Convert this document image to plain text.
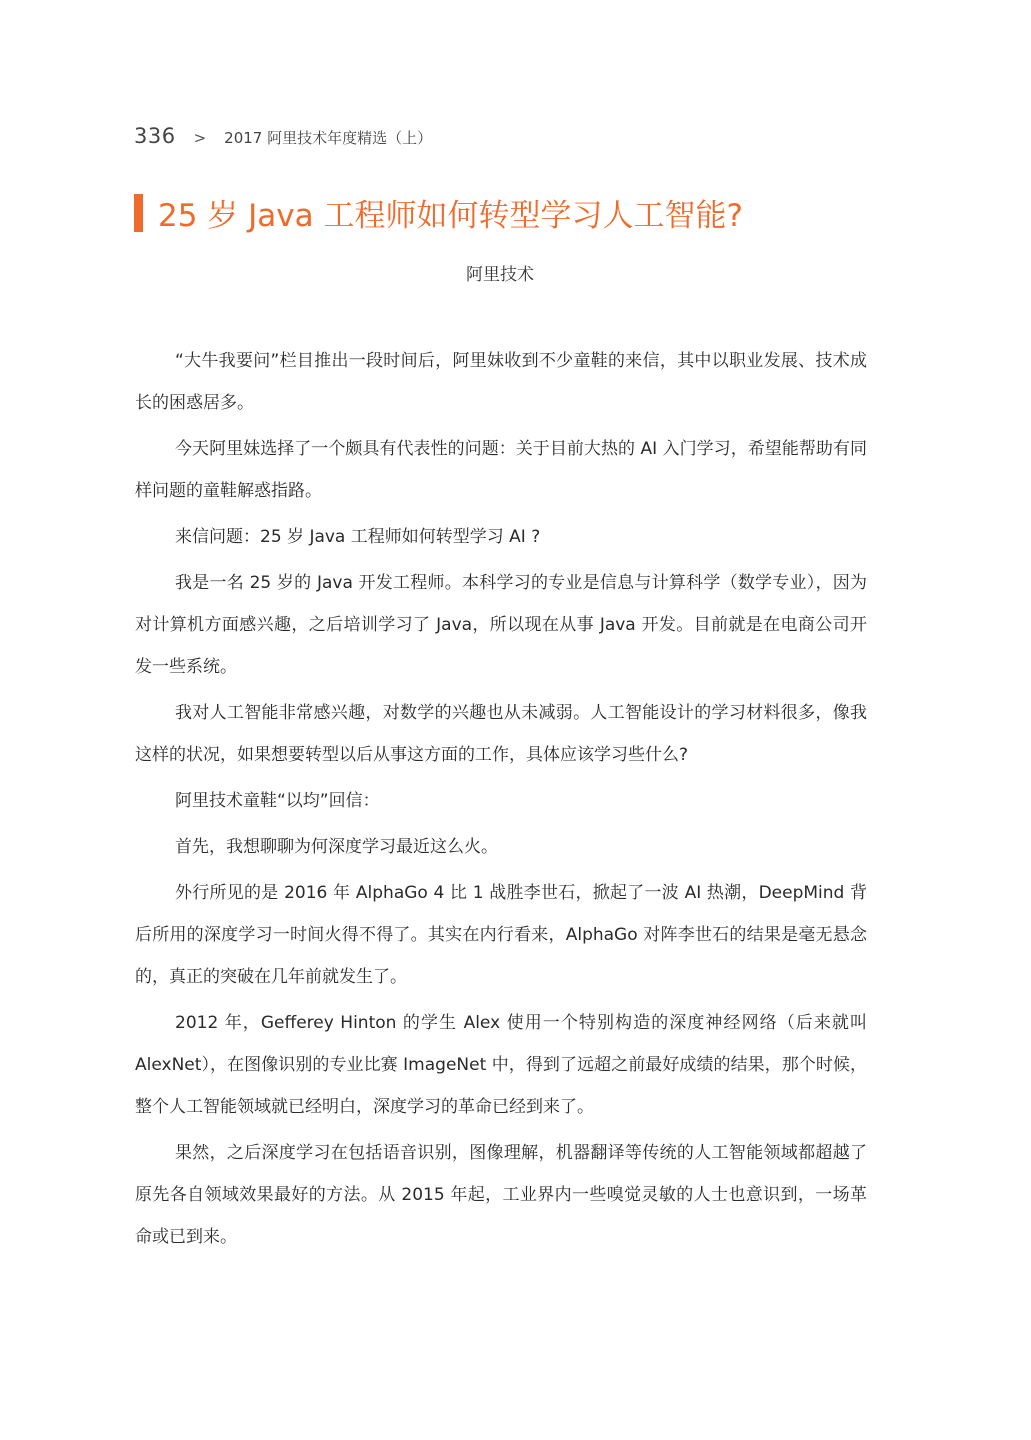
336 > 2017 阿里技术年度精选（上）
25 岁 Java 工程师如何转型学习人工智能?
阿里技术

“大牛我要问”栏目推出一段时间后，阿里妹收到不少童鞋的来信，其中以职业发展、技术成长的困惑居多。

今天阿里妹选择了一个颇具有代表性的问题：关于目前大热的 AI 入门学习，希望能帮助有同样问题的童鞋解惑指路。

来信问题：25 岁 Java 工程师如何转型学习 AI ?

我是一名 25 岁的 Java 开发工程师。本科学习的专业是信息与计算科学（数学专业），因为对计算机方面感兴趣，之后培训学习了 Java，所以现在从事 Java 开发。目前就是在电商公司开发一些系统。

我对人工智能非常感兴趣，对数学的兴趣也从未减弱。人工智能设计的学习材料很多，像我这样的状况，如果想要转型以后从事这方面的工作，具体应该学习些什么?

阿里技术童鞋“以均”回信：

首先，我想聊聊为何深度学习最近这么火。

外行所见的是 2016 年 AlphaGo 4 比 1 战胜李世石，掀起了一波 AI 热潮，DeepMind 背后所用的深度学习一时间火得不得了。其实在内行看来，AlphaGo 对阵李世石的结果是毫无悬念的，真正的突破在几年前就发生了。

2012 年，Gefferey Hinton 的学生 Alex 使用一个特别构造的深度神经网络（后来就叫 AlexNet），在图像识别的专业比赛 ImageNet 中，得到了远超之前最好成绩的结果，那个时候，整个人工智能领域就已经明白，深度学习的革命已经到来了。

果然，之后深度学习在包括语音识别，图像理解，机器翻译等传统的人工智能领域都超越了原先各自领域效果最好的方法。从 2015 年起，工业界内一些嗅觉灵敏的人士也意识到，一场革命或已到来。
